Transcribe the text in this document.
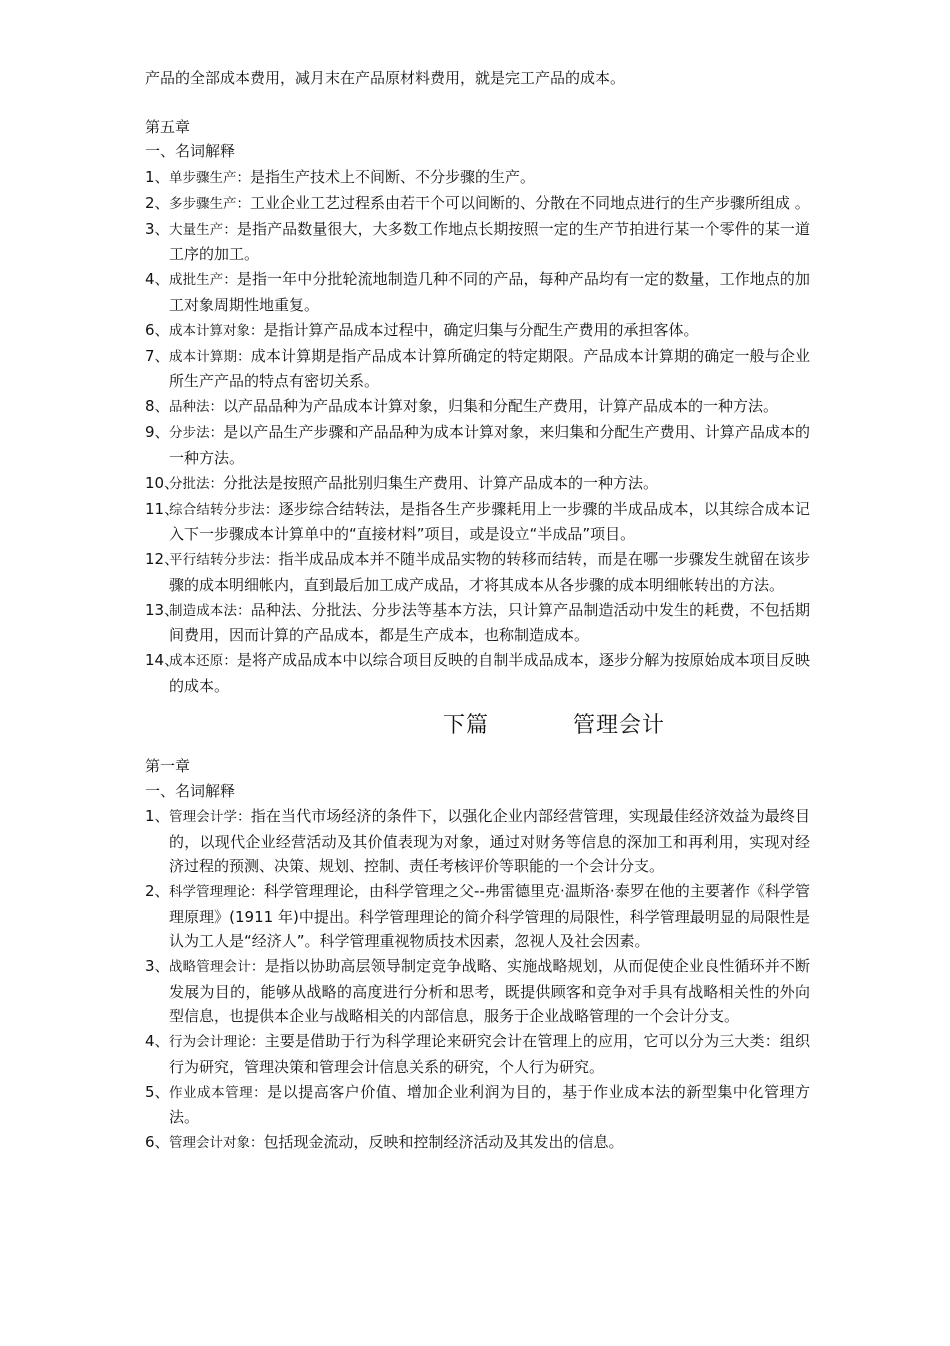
产品的全部成本费用，减月末在产品原材料费用，就是完工产品的成本。

第五章

一、名词解释

1、 单步骤生产：是指生产技术上不间断、不分步骤的生产。
2、 多步骤生产：工业企业工艺过程系由若干个可以间断的、分散在不同地点进行的生产步骤所组成 。
3、 大量生产：是指产品数量很大，大多数工作地点长期按照一定的生产节拍进行某一个零件的某一道工序的加工。
4、 成批生产：是指一年中分批轮流地制造几种不同的产品，每种产品均有一定的数量，工作地点的加工对象周期性地重复。
6、 成本计算对象：是指计算产品成本过程中，确定归集与分配生产费用的承担客体。
7、 成本计算期：成本计算期是指产品成本计算所确定的特定期限。产品成本计算期的确定一般与企业所生产产品的特点有密切关系。
8、 品种法：以产品品种为产品成本计算对象，归集和分配生产费用，计算产品成本的一种方法。
9、 分步法：是以产品生产步骤和产品品种为成本计算对象，来归集和分配生产费用、计算产品成本的一种方法。
10、
分批法：分批法是按照产品批别归集生产费用、计算产品成本的一种方法。
11、
综合结转分步法：逐步综合结转法，是指各生产步骤耗用上一步骤的半成品成本，以其综合成本记入下一步骤成本计算单中的“直接材料”项目，或是设立“半成品”项目。
12、
平行结转分步法：指半成品成本并不随半成品实物的转移而结转，而是在哪一步骤发生就留在该步骤的成本明细帐内，直到最后加工成产成品，才将其成本从各步骤的成本明细帐转出的方法。
13、
制造成本法：品种法、分批法、分步法等基本方法，只计算产品制造活动中发生的耗费，不包括期间费用，因而计算的产品成本，都是生产成本，也称制造成本。
14、
成本还原：是将产成品成本中以综合项目反映的自制半成品成本，逐步分解为按原始成本项目反映的成本。
下篇	管理会计

第一章

一、名词解释

1、 管理会计学：指在当代市场经济的条件下，以强化企业内部经营管理，实现最佳经济效益为最终目的，以现代企业经营活动及其价值表现为对象，通过对财务等信息的深加工和再利用，实现对经济过程的预测、决策、规划、控制、责任考核评价等职能的一个会计分支。
2、 科学管理理论：科学管理理论，由科学管理之父--弗雷德里克·温斯洛·泰罗在他的主要著作《科学管理原理》(1911 年)中提出。科学管理理论的简介科学管理的局限性，科学管理最明显的局限性是认为工人是“经济人”。科学管理重视物质技术因素，忽视人及社会因素。
3、 战略管理会计：是指以协助高层领导制定竞争战略、实施战略规划，从而促使企业良性循环并不断发展为目的，能够从战略的高度进行分析和思考，既提供顾客和竞争对手具有战略相关性的外向型信息，也提供本企业与战略相关的内部信息，服务于企业战略管理的一个会计分支。
4、 行为会计理论：主要是借助于行为科学理论来研究会计在管理上的应用，它可以分为三大类：组织行为研究，管理决策和管理会计信息关系的研究，个人行为研究。
5、 作业成本管理：是以提高客户价值、增加企业利润为目的，基于作业成本法的新型集中化管理方法。
6、 管理会计对象：包括现金流动，反映和控制经济活动及其发出的信息。
